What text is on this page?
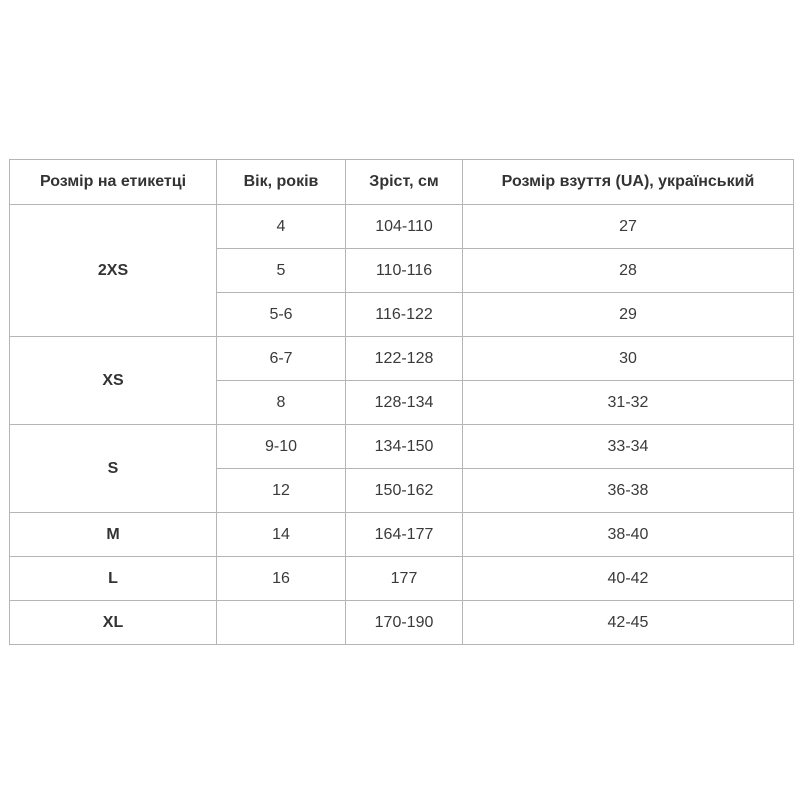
Розмір на етикетці	Вік, років	Зріст, см	Розмір взуття (UA), український
2XS	4	104-110	27
	5	110-116	28
	5-6	116-122	29
XS	6-7	122-128	30
	8	128-134	31-32
S	9-10	134-150	33-34
	12	150-162	36-38
M	14	164-177	38-40
L	16	177	40-42
XL		170-190	42-45
